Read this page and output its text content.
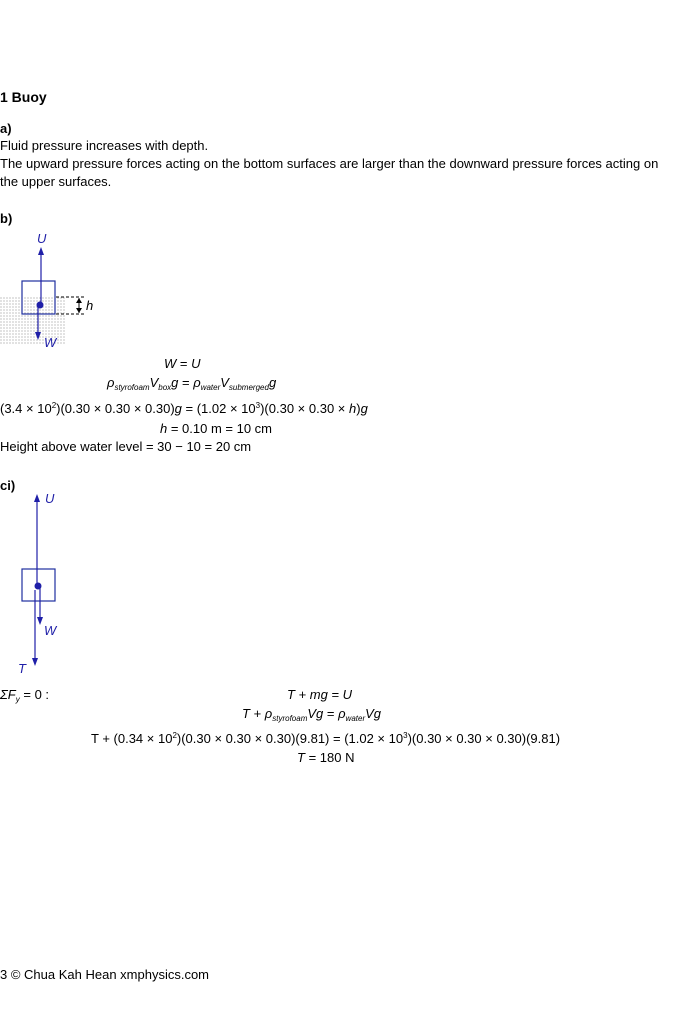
1 Buoy
a)
Fluid pressure increases with depth.
The upward pressure forces acting on the bottom surfaces are larger than the downward pressure forces acting on
the upper surfaces.
b)
U
W
h
W = U
$\rho_{styrofoam}V_{box}g = \rho_{water}V_{submerged}g$
$(3.4 \times 10^2)(0.30 \times 0.30 \times 0.30)g = (1.02 \times 10^3)(0.30 \times 0.30 \times h)g$
h = 0.10 m = 10 cm
Height above water level = 30 − 10 = 20 cm
ci)
U
W
T
$\Sigma F_y = 0$ :	T + mg = U
$T + \rho_{styrofoam}Vg = \rho_{water}Vg$
$T + (0.34 \times 10^2)(0.30 \times 0.30 \times 0.30)(9.81) = (1.02 \times 10^3)(0.30 \times 0.30 \times 0.30)(9.81)$
T = 180 N
3 © Chua Kah Hean xmphysics.com
